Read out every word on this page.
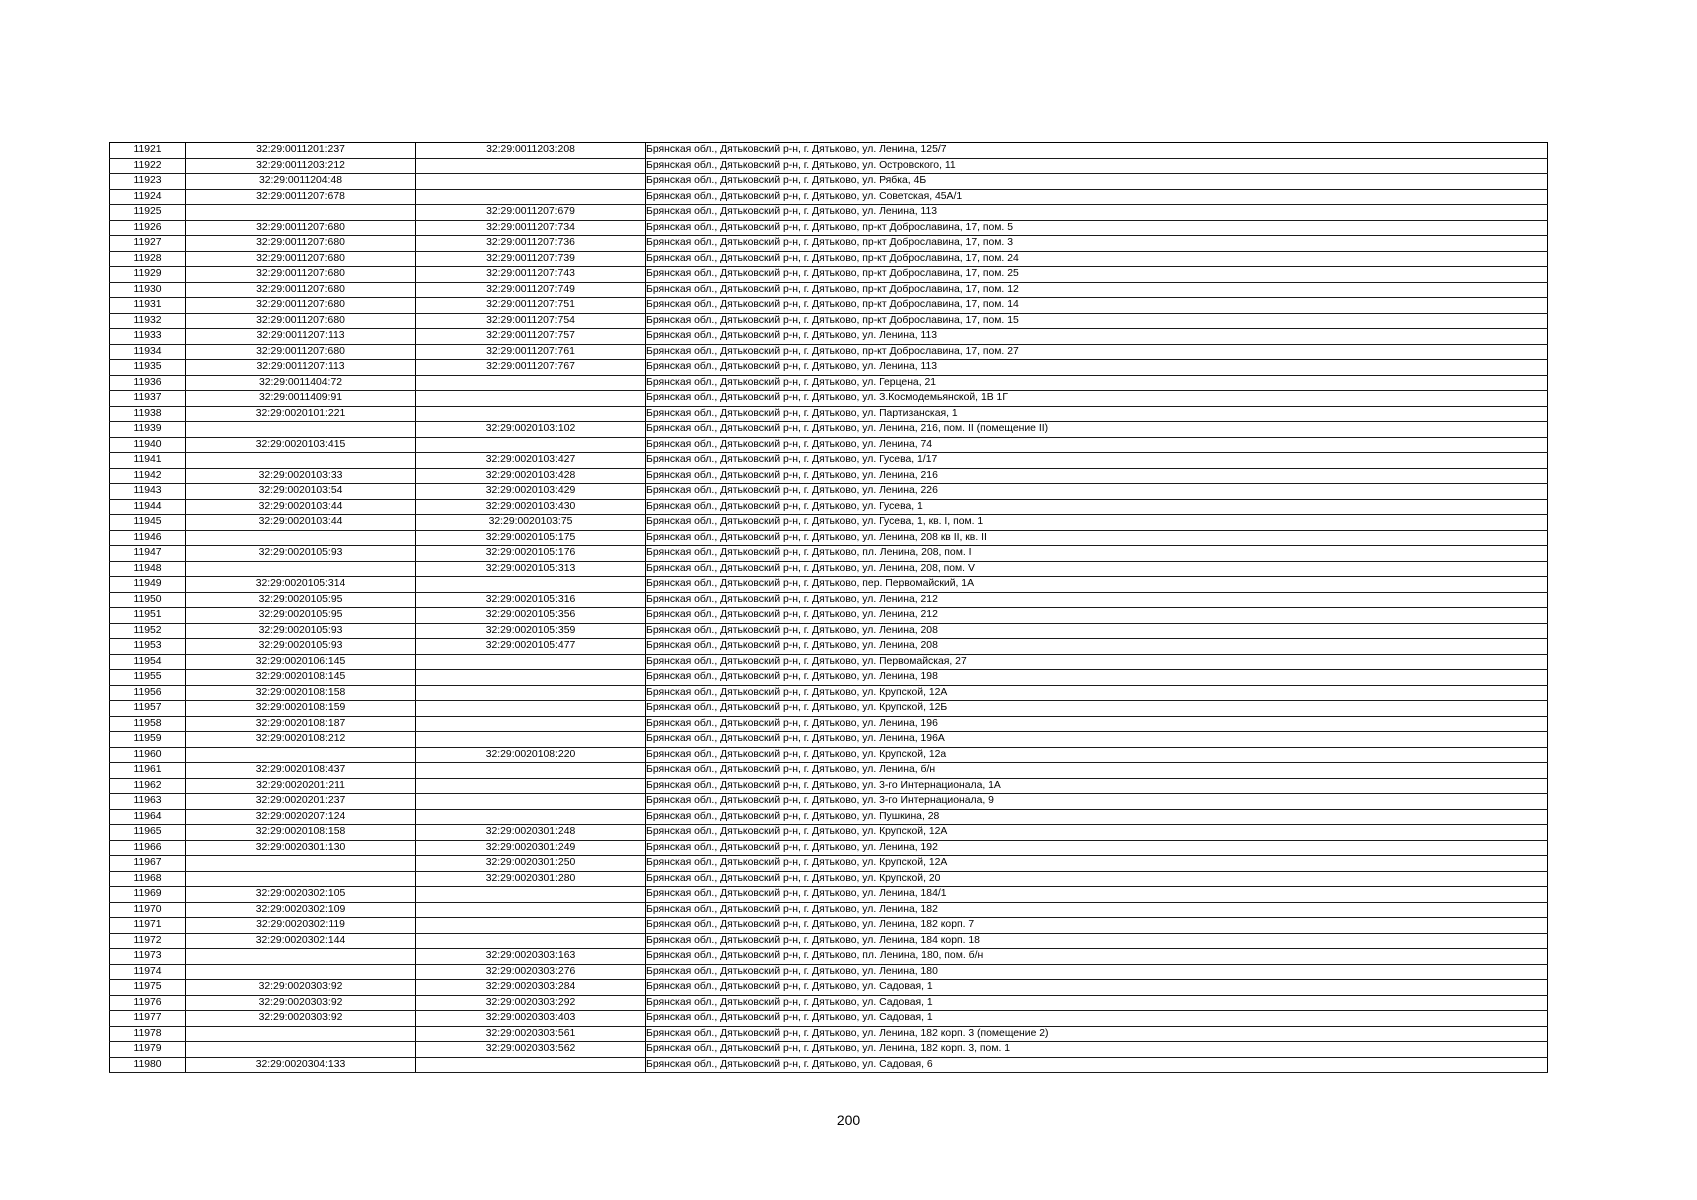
11921	32:29:0011201:237	32:29:0011203:208	Брянская обл., Дятьковский р-н, г. Дятьково, ул. Ленина, 125/7
11922	32:29:0011203:212		Брянская обл., Дятьковский р-н, г. Дятьково, ул. Островского, 11
11923	32:29:0011204:48		Брянская обл., Дятьковский р-н, г. Дятьково, ул. Рябка, 4Б
11924	32:29:0011207:678		Брянская обл., Дятьковский р-н, г. Дятьково, ул. Советская, 45А/1
11925		32:29:0011207:679	Брянская обл., Дятьковский р-н, г. Дятьково, ул. Ленина, 113
11926	32:29:0011207:680	32:29:0011207:734	Брянская обл., Дятьковский р-н, г. Дятьково, пр-кт Доброславина, 17, пом. 5
11927	32:29:0011207:680	32:29:0011207:736	Брянская обл., Дятьковский р-н, г. Дятьково, пр-кт Доброславина, 17, пом. 3
11928	32:29:0011207:680	32:29:0011207:739	Брянская обл., Дятьковский р-н, г. Дятьково, пр-кт Доброславина, 17, пом. 24
11929	32:29:0011207:680	32:29:0011207:743	Брянская обл., Дятьковский р-н, г. Дятьково, пр-кт Доброславина, 17, пом. 25
11930	32:29:0011207:680	32:29:0011207:749	Брянская обл., Дятьковский р-н, г. Дятьково, пр-кт Доброславина, 17, пом. 12
11931	32:29:0011207:680	32:29:0011207:751	Брянская обл., Дятьковский р-н, г. Дятьково, пр-кт Доброславина, 17, пом. 14
11932	32:29:0011207:680	32:29:0011207:754	Брянская обл., Дятьковский р-н, г. Дятьково, пр-кт Доброславина, 17, пом. 15
11933	32:29:0011207:113	32:29:0011207:757	Брянская обл., Дятьковский р-н, г. Дятьково, ул. Ленина, 113
11934	32:29:0011207:680	32:29:0011207:761	Брянская обл., Дятьковский р-н, г. Дятьково, пр-кт Доброславина, 17, пом. 27
11935	32:29:0011207:113	32:29:0011207:767	Брянская обл., Дятьковский р-н, г. Дятьково, ул. Ленина, 113
11936	32:29:0011404:72		Брянская обл., Дятьковский р-н, г. Дятьково, ул. Герцена, 21
11937	32:29:0011409:91		Брянская обл., Дятьковский р-н, г. Дятьково, ул. З.Космодемьянской, 1В 1Г
11938	32:29:0020101:221		Брянская обл., Дятьковский р-н, г. Дятьково, ул. Партизанская, 1
11939		32:29:0020103:102	Брянская обл., Дятьковский р-н, г. Дятьково, ул. Ленина, 216, пом. II (помещение II)
11940	32:29:0020103:415		Брянская обл., Дятьковский р-н, г. Дятьково, ул. Ленина, 74
11941		32:29:0020103:427	Брянская обл., Дятьковский р-н, г. Дятьково, ул. Гусева, 1/17
11942	32:29:0020103:33	32:29:0020103:428	Брянская обл., Дятьковский р-н, г. Дятьково, ул. Ленина, 216
11943	32:29:0020103:54	32:29:0020103:429	Брянская обл., Дятьковский р-н, г. Дятьково, ул. Ленина, 226
11944	32:29:0020103:44	32:29:0020103:430	Брянская обл., Дятьковский р-н, г. Дятьково, ул. Гусева, 1
11945	32:29:0020103:44	32:29:0020103:75	Брянская обл., Дятьковский р-н, г. Дятьково, ул. Гусева, 1, кв. I, пом. 1
11946		32:29:0020105:175	Брянская обл., Дятьковский р-н, г. Дятьково, ул. Ленина, 208 кв II, кв. II
11947	32:29:0020105:93	32:29:0020105:176	Брянская обл., Дятьковский р-н, г. Дятьково, пл. Ленина, 208, пом. I
11948		32:29:0020105:313	Брянская обл., Дятьковский р-н, г. Дятьково, ул. Ленина, 208, пом. V
11949	32:29:0020105:314		Брянская обл., Дятьковский р-н, г. Дятьково, пер. Первомайский, 1А
11950	32:29:0020105:95	32:29:0020105:316	Брянская обл., Дятьковский р-н, г. Дятьково, ул. Ленина, 212
11951	32:29:0020105:95	32:29:0020105:356	Брянская обл., Дятьковский р-н, г. Дятьково, ул. Ленина, 212
11952	32:29:0020105:93	32:29:0020105:359	Брянская обл., Дятьковский р-н, г. Дятьково, ул. Ленина, 208
11953	32:29:0020105:93	32:29:0020105:477	Брянская обл., Дятьковский р-н, г. Дятьково, ул. Ленина, 208
11954	32:29:0020106:145		Брянская обл., Дятьковский р-н, г. Дятьково, ул. Первомайская, 27
11955	32:29:0020108:145		Брянская обл., Дятьковский р-н, г. Дятьково, ул. Ленина, 198
11956	32:29:0020108:158		Брянская обл., Дятьковский р-н, г. Дятьково, ул. Крупской, 12А
11957	32:29:0020108:159		Брянская обл., Дятьковский р-н, г. Дятьково, ул. Крупской, 12Б
11958	32:29:0020108:187		Брянская обл., Дятьковский р-н, г. Дятьково, ул. Ленина, 196
11959	32:29:0020108:212		Брянская обл., Дятьковский р-н, г. Дятьково, ул. Ленина, 196А
11960		32:29:0020108:220	Брянская обл., Дятьковский р-н, г. Дятьково, ул. Крупской, 12а
11961	32:29:0020108:437		Брянская обл., Дятьковский р-н, г. Дятьково, ул. Ленина, б/н
11962	32:29:0020201:211		Брянская обл., Дятьковский р-н, г. Дятьково, ул. 3-го Интернационала, 1А
11963	32:29:0020201:237		Брянская обл., Дятьковский р-н, г. Дятьково, ул. 3-го Интернационала, 9
11964	32:29:0020207:124		Брянская обл., Дятьковский р-н, г. Дятьково, ул. Пушкина, 28
11965	32:29:0020108:158	32:29:0020301:248	Брянская обл., Дятьковский р-н, г. Дятьково, ул. Крупской, 12А
11966	32:29:0020301:130	32:29:0020301:249	Брянская обл., Дятьковский р-н, г. Дятьково, ул. Ленина, 192
11967		32:29:0020301:250	Брянская обл., Дятьковский р-н, г. Дятьково, ул. Крупской, 12А
11968		32:29:0020301:280	Брянская обл., Дятьковский р-н, г. Дятьково, ул. Крупской, 20
11969	32:29:0020302:105		Брянская обл., Дятьковский р-н, г. Дятьково, ул. Ленина, 184/1
11970	32:29:0020302:109		Брянская обл., Дятьковский р-н, г. Дятьково, ул. Ленина, 182
11971	32:29:0020302:119		Брянская обл., Дятьковский р-н, г. Дятьково, ул. Ленина, 182 корп. 7
11972	32:29:0020302:144		Брянская обл., Дятьковский р-н, г. Дятьково, ул. Ленина, 184 корп. 18
11973		32:29:0020303:163	Брянская обл., Дятьковский р-н, г. Дятьково, пл. Ленина, 180, пом. б/н
11974		32:29:0020303:276	Брянская обл., Дятьковский р-н, г. Дятьково, ул. Ленина, 180
11975	32:29:0020303:92	32:29:0020303:284	Брянская обл., Дятьковский р-н, г. Дятьково, ул. Садовая, 1
11976	32:29:0020303:92	32:29:0020303:292	Брянская обл., Дятьковский р-н, г. Дятьково, ул. Садовая, 1
11977	32:29:0020303:92	32:29:0020303:403	Брянская обл., Дятьковский р-н, г. Дятьково, ул. Садовая, 1
11978		32:29:0020303:561	Брянская обл., Дятьковский р-н, г. Дятьково, ул. Ленина, 182 корп. 3 (помещение 2)
11979		32:29:0020303:562	Брянская обл., Дятьковский р-н, г. Дятьково, ул. Ленина, 182 корп. 3, пом. 1
11980	32:29:0020304:133		Брянская обл., Дятьковский р-н, г. Дятьково, ул. Садовая, 6
200
